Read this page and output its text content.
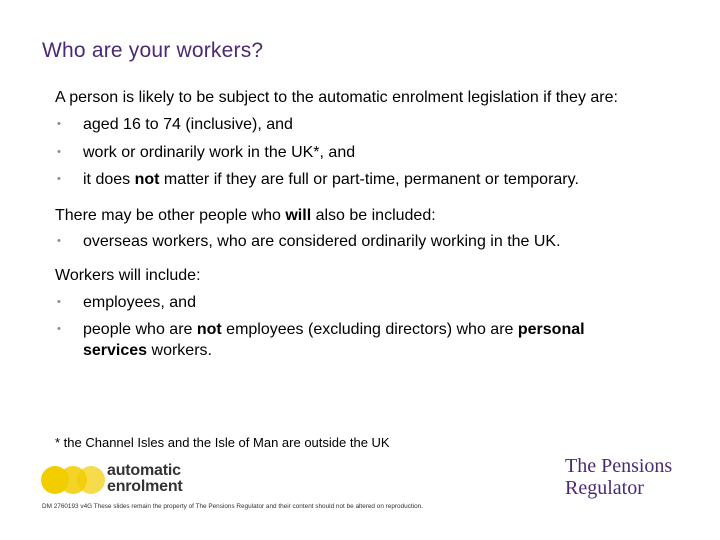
Who are your workers?
A person is likely to be subject to the automatic enrolment legislation if they are:
• aged 16 to 74 (inclusive), and
• work or ordinarily work in the UK*, and
• it does not matter if they are full or part-time, permanent or temporary.
There may be other people who will also be included:
• overseas workers, who are considered ordinarily working in the UK.
Workers will include:
• employees, and
• people who are not employees (excluding directors) who are personal
services workers.
* the Channel Isles and the Isle of Man are outside the UK
automatic
enrolment
The Pensions
Regulator
DM 2760193 v4G These slides remain the property of The Pensions Regulator and their content should not be altered on reproduction.
